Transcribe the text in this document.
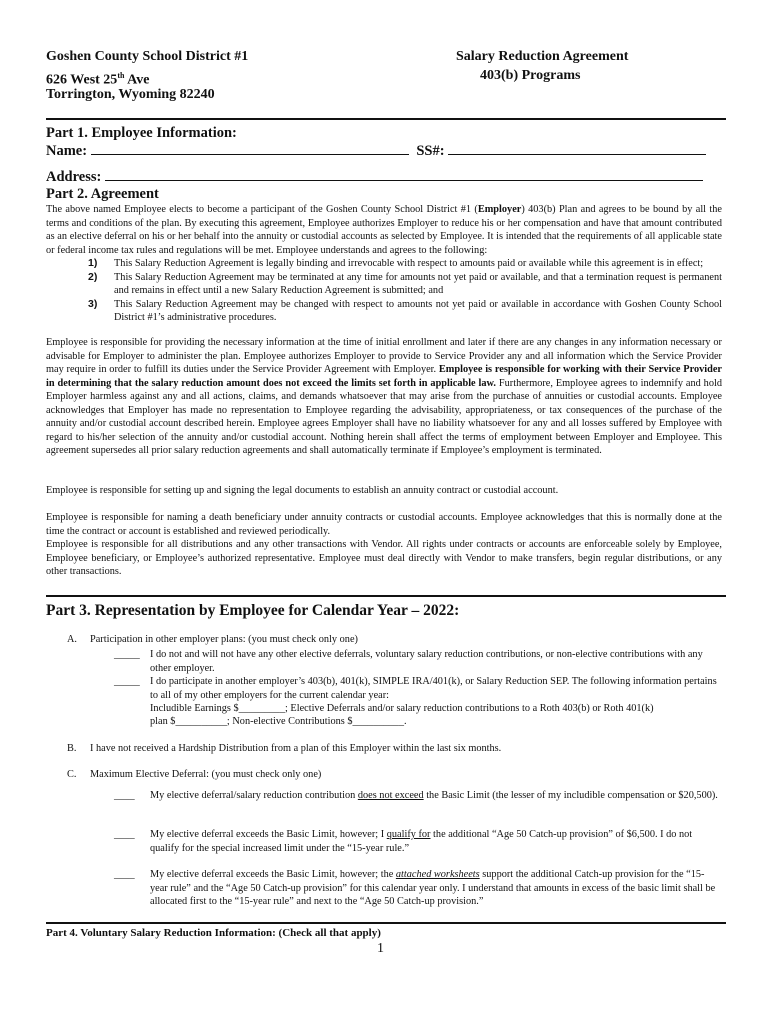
Goshen County School District #1
626 West 25th Ave
Torrington, Wyoming 82240
Salary Reduction Agreement
403(b) Programs
Part 1. Employee Information:
Name:	SS#:
Address:
Part 2. Agreement
The above named Employee elects to become a participant of the Goshen County School District #1 (Employer) 403(b) Plan and agrees to be bound by all the terms and conditions of the plan. By executing this agreement, Employee authorizes Employer to reduce his or her compensation and have that amount contributed as an elective deferral on his or her behalf into the annuity or custodial accounts as selected by Employee. It is intended that the requirements of all applicable state or federal income tax rules and regulations will be met. Employee understands and agrees to the following:
1)	This Salary Reduction Agreement is legally binding and irrevocable with respect to amounts paid or available while this agreement is in effect;
2)	This Salary Reduction Agreement may be terminated at any time for amounts not yet paid or available, and that a termination request is permanent and remains in effect until a new Salary Reduction Agreement is submitted; and
3)	This Salary Reduction Agreement may be changed with respect to amounts not yet paid or available in accordance with Goshen County School District #1’s administrative procedures.
Employee is responsible for providing the necessary information at the time of initial enrollment and later if there are any changes in any information necessary or advisable for Employer to administer the plan. Employee authorizes Employer to provide to Service Provider any and all information which the Service Provider may require in order to fulfill its duties under the Service Provider Agreement with Employer. Employee is responsible for working with their Service Provider in determining that the salary reduction amount does not exceed the limits set forth in applicable law. Furthermore, Employee agrees to indemnify and hold Employer harmless against any and all actions, claims, and demands whatsoever that may arise from the purchase of annuities or custodial accounts. Employee acknowledges that Employer has made no representation to Employee regarding the advisability, appropriateness, or tax consequences of the purchase of the annuity and/or custodial account described herein. Employee agrees Employer shall have no liability whatsoever for any and all losses suffered by Employee with regard to his/her selection of the annuity and/or custodial account. Nothing herein shall affect the terms of employment between Employer and Employee. This agreement supersedes all prior salary reduction agreements and shall automatically terminate if Employee’s employment is terminated.
Employee is responsible for setting up and signing the legal documents to establish an annuity contract or custodial account.
Employee is responsible for naming a death beneficiary under annuity contracts or custodial accounts. Employee acknowledges that this is normally done at the time the contract or account is established and reviewed periodically.
Employee is responsible for all distributions and any other transactions with Vendor. All rights under contracts or accounts are enforceable solely by Employee, Employee beneficiary, or Employee’s authorized representative. Employee must deal directly with Vendor to make transfers, begin regular distributions, or any other transactions.
Part 3. Representation by Employee for Calendar Year – 2022:
A. Participation in other employer plans: (you must check only one)
_____ I do not and will not have any other elective deferrals, voluntary salary reduction contributions, or non-elective contributions with any other employer.
_____ I do participate in another employer’s 403(b), 401(k), SIMPLE IRA/401(k), or Salary Reduction SEP. The following information pertains to all of my other employers for the current calendar year:
Includible Earnings $_________; Elective Deferrals and/or salary reduction contributions to a Roth 403(b) or Roth 401(k)
plan $__________; Non-elective Contributions $__________.
B. I have not received a Hardship Distribution from a plan of this Employer within the last six months.
C. Maximum Elective Deferral: (you must check only one)
____ My elective deferral/salary reduction contribution does not exceed the Basic Limit (the lesser of my includible compensation or $20,500).
____ My elective deferral exceeds the Basic Limit, however; I qualify for the additional “Age 50 Catch-up provision” of $6,500. I do not qualify for the special increased limit under the “15-year rule.”
____ My elective deferral exceeds the Basic Limit, however; the attached worksheets support the additional Catch-up provision for the “15-year rule” and the “Age 50 Catch-up provision” for this calendar year only. I understand that amounts in excess of the basic limit shall be allocated first to the “15-year rule” and next to the “Age 50 Catch-up provision.”
Part 4. Voluntary Salary Reduction Information: (Check all that apply)
1
